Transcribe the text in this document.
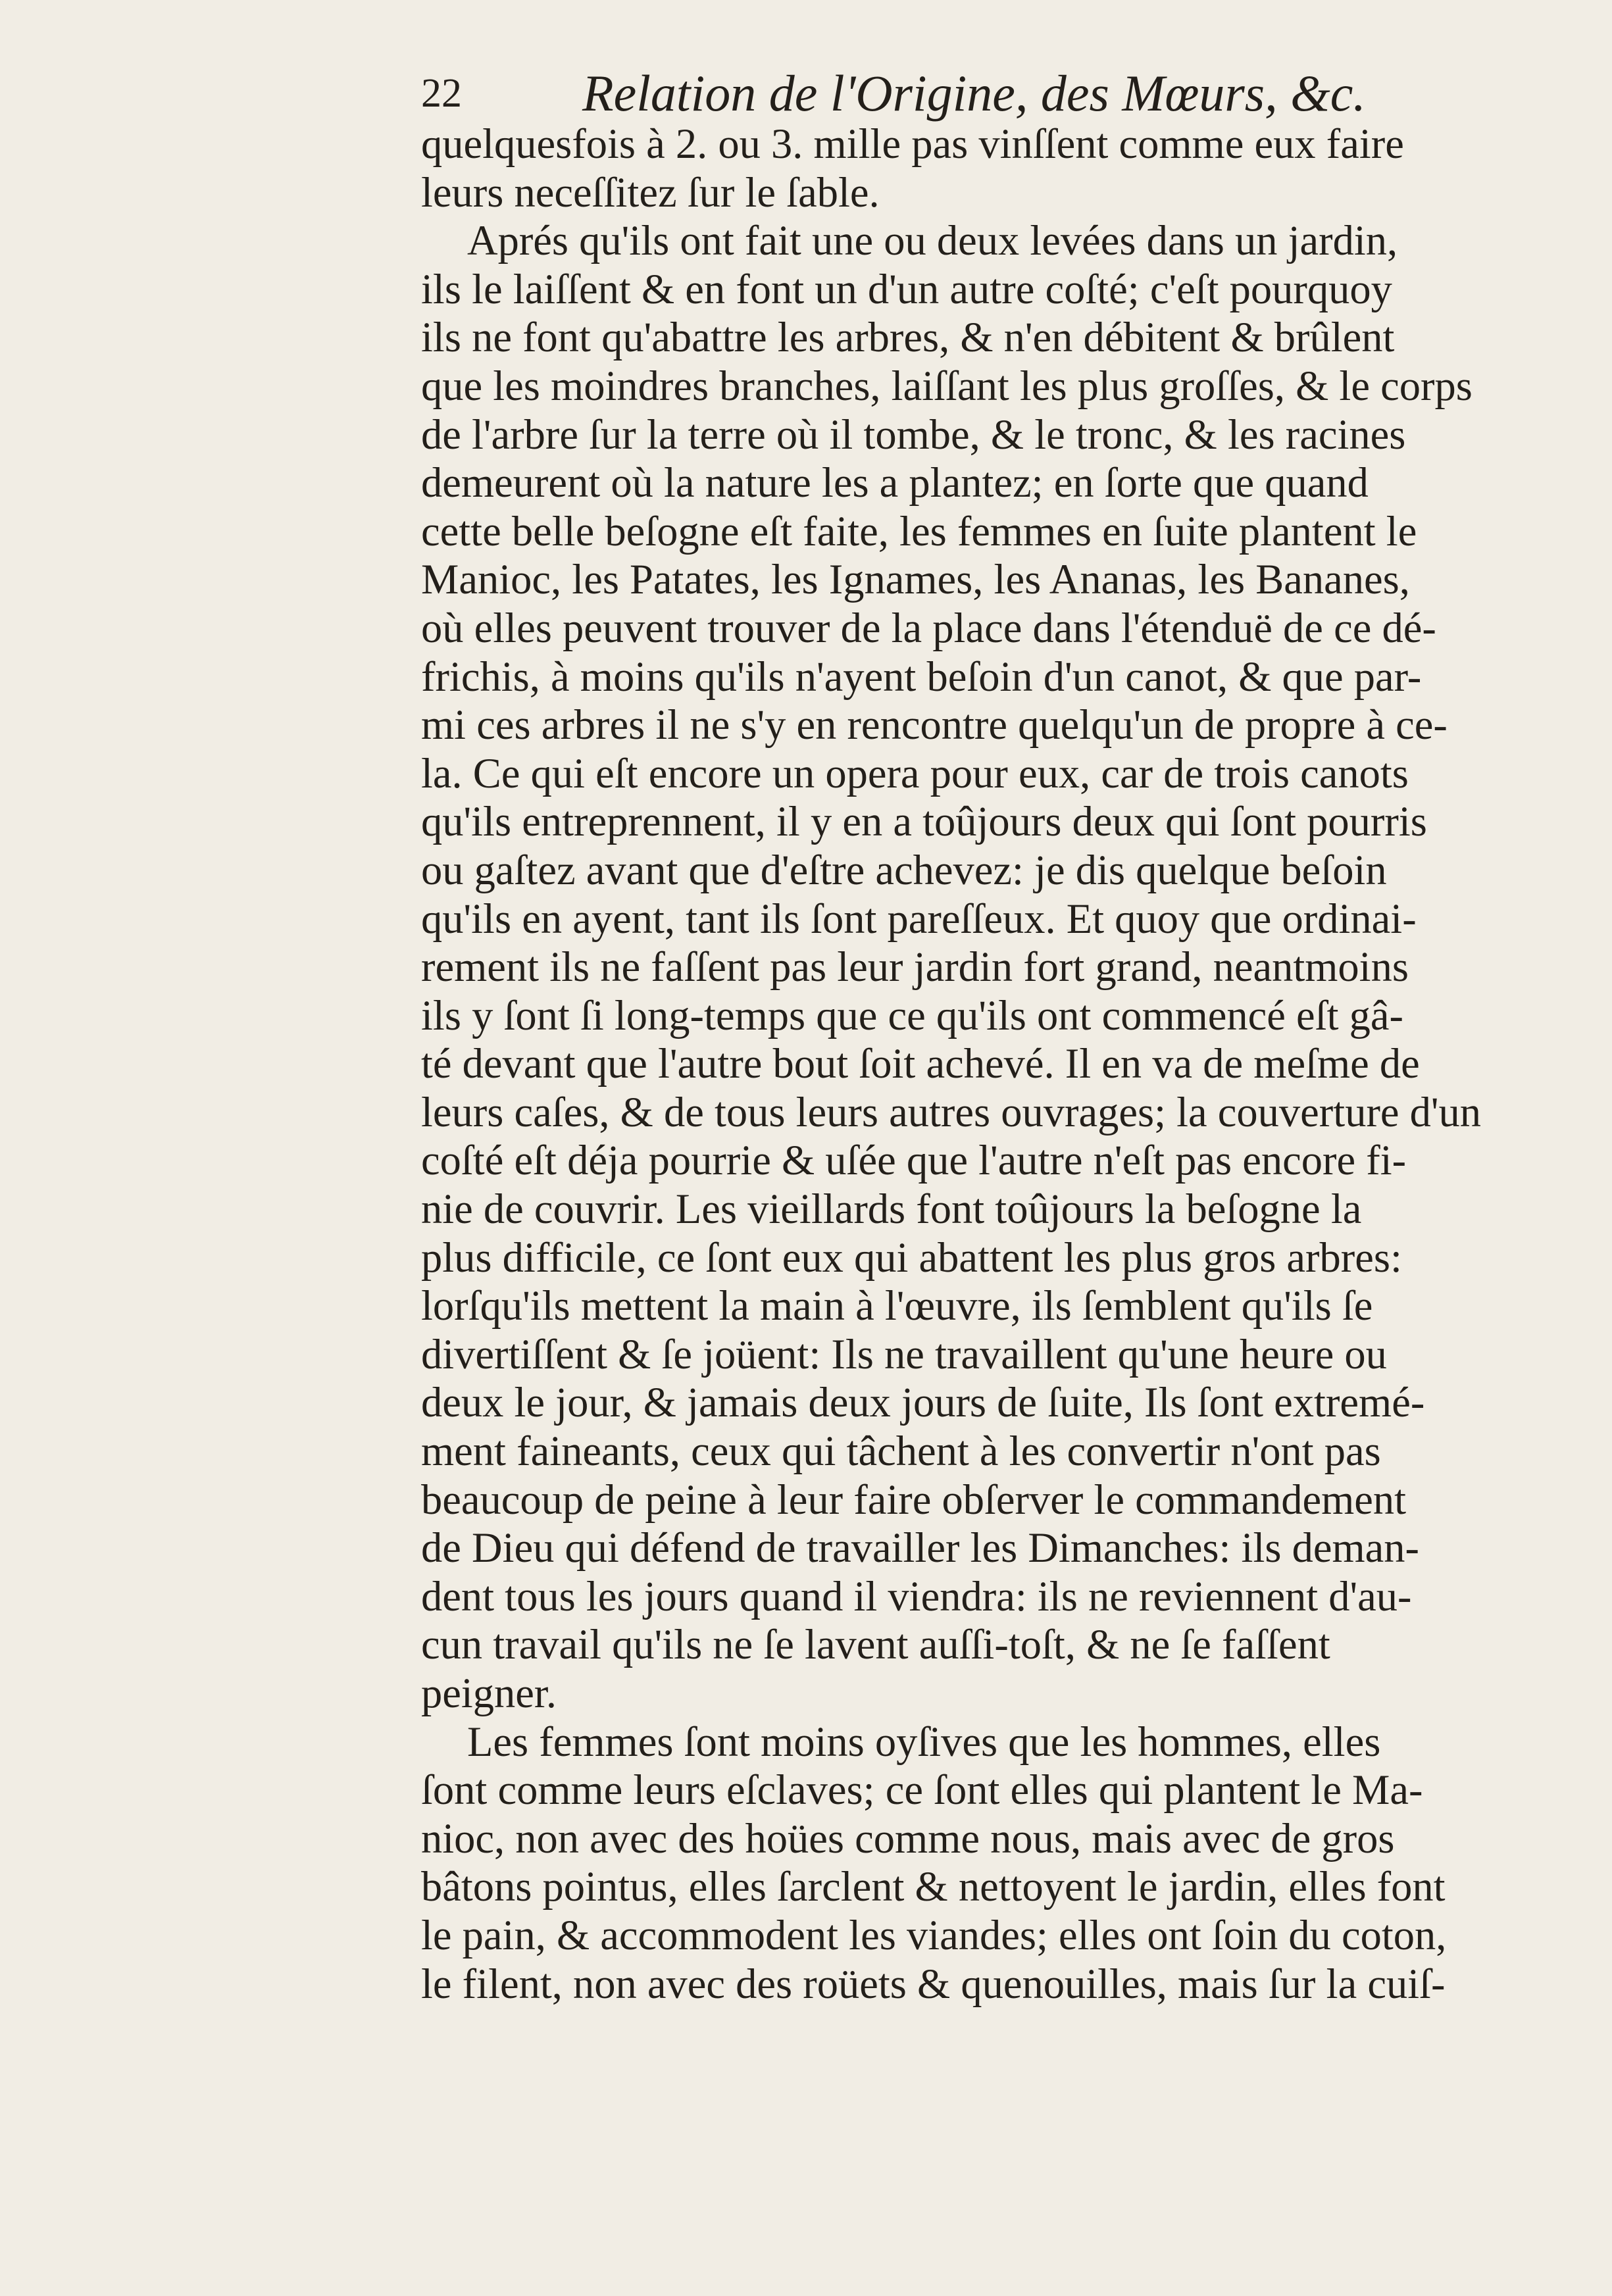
22 Relation de l'Origine, des Mœurs, &c.
quelquesfois à 2. ou 3. mille pas vinſſent comme eux faire
leurs neceſſitez ſur le ſable.
Aprés qu'ils ont fait une ou deux levées dans un jardin,
ils le laiſſent & en font un d'un autre coſté; c'eſt pourquoy
ils ne font qu'abattre les arbres, & n'en débitent & brûlent
que les moindres branches, laiſſant les plus groſſes, & le corps
de l'arbre ſur la terre où il tombe, & le tronc, & les racines
demeurent où la nature les a plantez; en ſorte que quand
cette belle beſogne eſt faite, les femmes en ſuite plantent le
Manioc, les Patates, les Ignames, les Ananas, les Bananes,
où elles peuvent trouver de la place dans l'étenduë de ce dé-
frichis, à moins qu'ils n'ayent beſoin d'un canot, & que par-
mi ces arbres il ne s'y en rencontre quelqu'un de propre à ce-
la. Ce qui eſt encore un opera pour eux, car de trois canots
qu'ils entreprennent, il y en a toûjours deux qui ſont pourris
ou gaſtez avant que d'eſtre achevez: je dis quelque beſoin
qu'ils en ayent, tant ils ſont pareſſeux. Et quoy que ordinai-
rement ils ne faſſent pas leur jardin fort grand, neantmoins
ils y ſont ſi long-temps que ce qu'ils ont commencé eſt gâ-
té devant que l'autre bout ſoit achevé. Il en va de meſme de
leurs caſes, & de tous leurs autres ouvrages; la couverture d'un
coſté eſt déja pourrie & uſée que l'autre n'eſt pas encore fi-
nie de couvrir. Les vieillards font toûjours la beſogne la
plus difficile, ce ſont eux qui abattent les plus gros arbres:
lorſqu'ils mettent la main à l'œuvre, ils ſemblent qu'ils ſe
divertiſſent & ſe joüent: Ils ne travaillent qu'une heure ou
deux le jour, & jamais deux jours de ſuite, Ils ſont extremé-
ment faineants, ceux qui tâchent à les convertir n'ont pas
beaucoup de peine à leur faire obſerver le commandement
de Dieu qui défend de travailler les Dimanches: ils deman-
dent tous les jours quand il viendra: ils ne reviennent d'au-
cun travail qu'ils ne ſe lavent auſſi-toſt, & ne ſe faſſent
peigner.
Les femmes ſont moins oyſives que les hommes, elles
ſont comme leurs eſclaves; ce ſont elles qui plantent le Ma-
nioc, non avec des hoües comme nous, mais avec de gros
bâtons pointus, elles ſarclent & nettoyent le jardin, elles font
le pain, & accommodent les viandes; elles ont ſoin du coton,
le filent, non avec des roüets & quenouilles, mais ſur la cuiſ-
